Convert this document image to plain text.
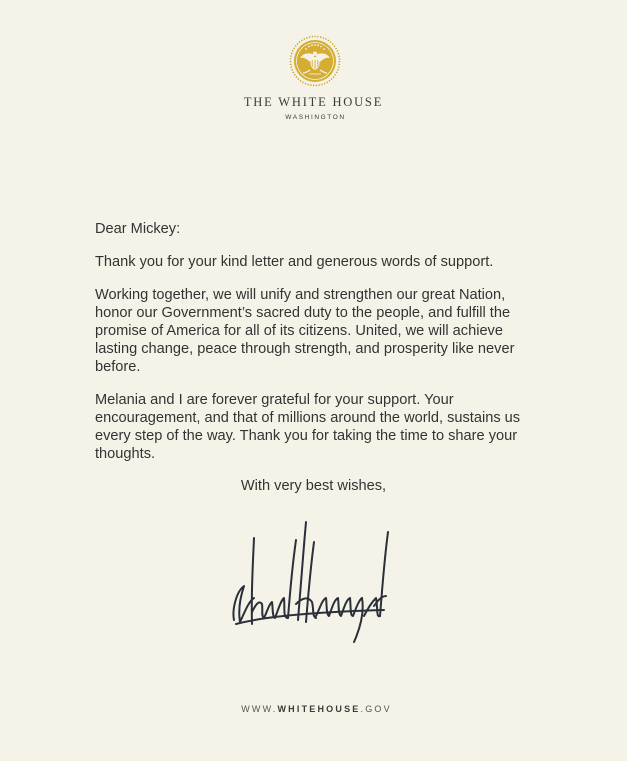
THE WHITE HOUSE
WASHINGTON

Dear Mickey:

Thank you for your kind letter and generous words of support.

Working together, we will unify and strengthen our great Nation, honor our Government’s sacred duty to the people, and fulfill the promise of America for all of its citizens. United, we will achieve lasting change, peace through strength, and prosperity like never before.

Melania and I are forever grateful for your support. Your encouragement, and that of millions around the world, sustains us every step of the way. Thank you for taking the time to share your thoughts.

With very best wishes,
WWW.WHITEHOUSE.GOV
